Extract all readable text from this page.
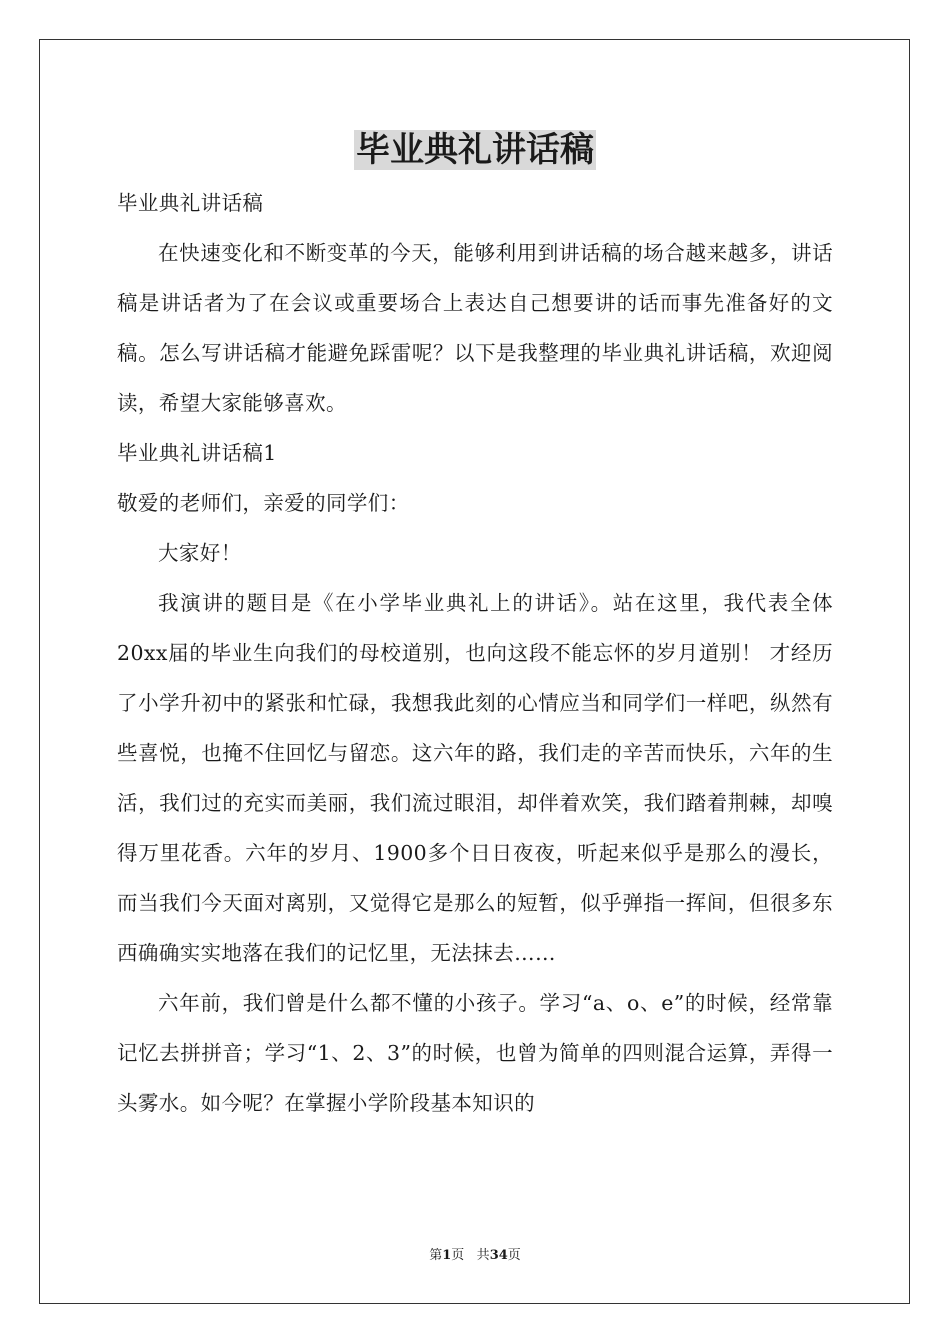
毕业典礼讲话稿

毕业典礼讲话稿

在快速变化和不断变革的今天，能够利用到讲话稿的场合越来越多，讲话稿是讲话者为了在会议或重要场合上表达自己想要讲的话而事先准备好的文稿。怎么写讲话稿才能避免踩雷呢？以下是我整理的毕业典礼讲话稿，欢迎阅读，希望大家能够喜欢。

毕业典礼讲话稿1

敬爱的老师们，亲爱的同学们：

大家好！

我演讲的题目是《在小学毕业典礼上的讲话》。站在这里，我代表全体20xx届的毕业生向我们的母校道别，也向这段不能忘怀的岁月道别！ 才经历了小学升初中的紧张和忙碌，我想我此刻的心情应当和同学们一样吧，纵然有些喜悦，也掩不住回忆与留恋。这六年的路，我们走的辛苦而快乐，六年的生活，我们过的充实而美丽，我们流过眼泪，却伴着欢笑，我们踏着荆棘，却嗅得万里花香。六年的岁月、1900多个日日夜夜，听起来似乎是那么的漫长，而当我们今天面对离别，又觉得它是那么的短暂，似乎弹指一挥间，但很多东西确确实实地落在我们的记忆里，无法抹去……

六年前，我们曾是什么都不懂的小孩子。学习“a、o、e”的时候，经常靠记忆去拼拼音；学习“1、2、3”的时候，也曾为简单的四则混合运算，弄得一头雾水。如今呢？在掌握小学阶段基本知识的

第1页 共34页
